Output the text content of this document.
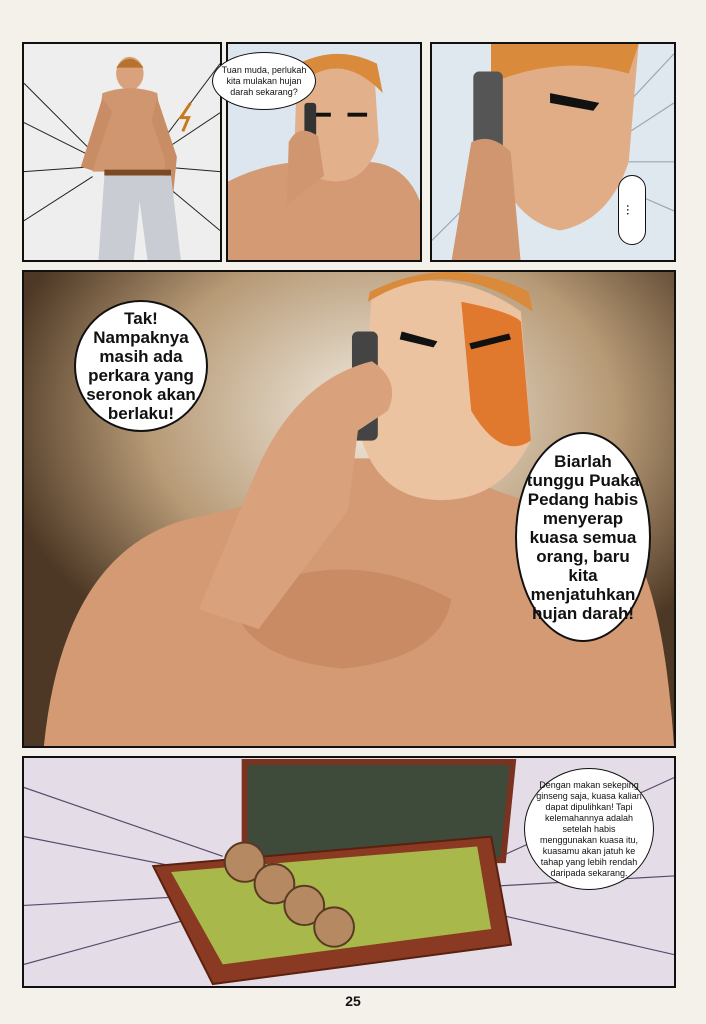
Tuan muda, perlukah kita mulakan hujan darah sekarang?
...
Tak! Nampaknya masih ada perkara yang seronok akan berlaku!
Biarlah tunggu Puaka Pedang habis menyerap kuasa semua orang, baru kita menjatuhkan hujan darah!
Dengan makan sekeping ginseng saja, kuasa kalian dapat dipulihkan! Tapi kelemahannya adalah setelah habis menggunakan kuasa itu, kuasamu akan jatuh ke tahap yang lebih rendah daripada sekarang.
25
